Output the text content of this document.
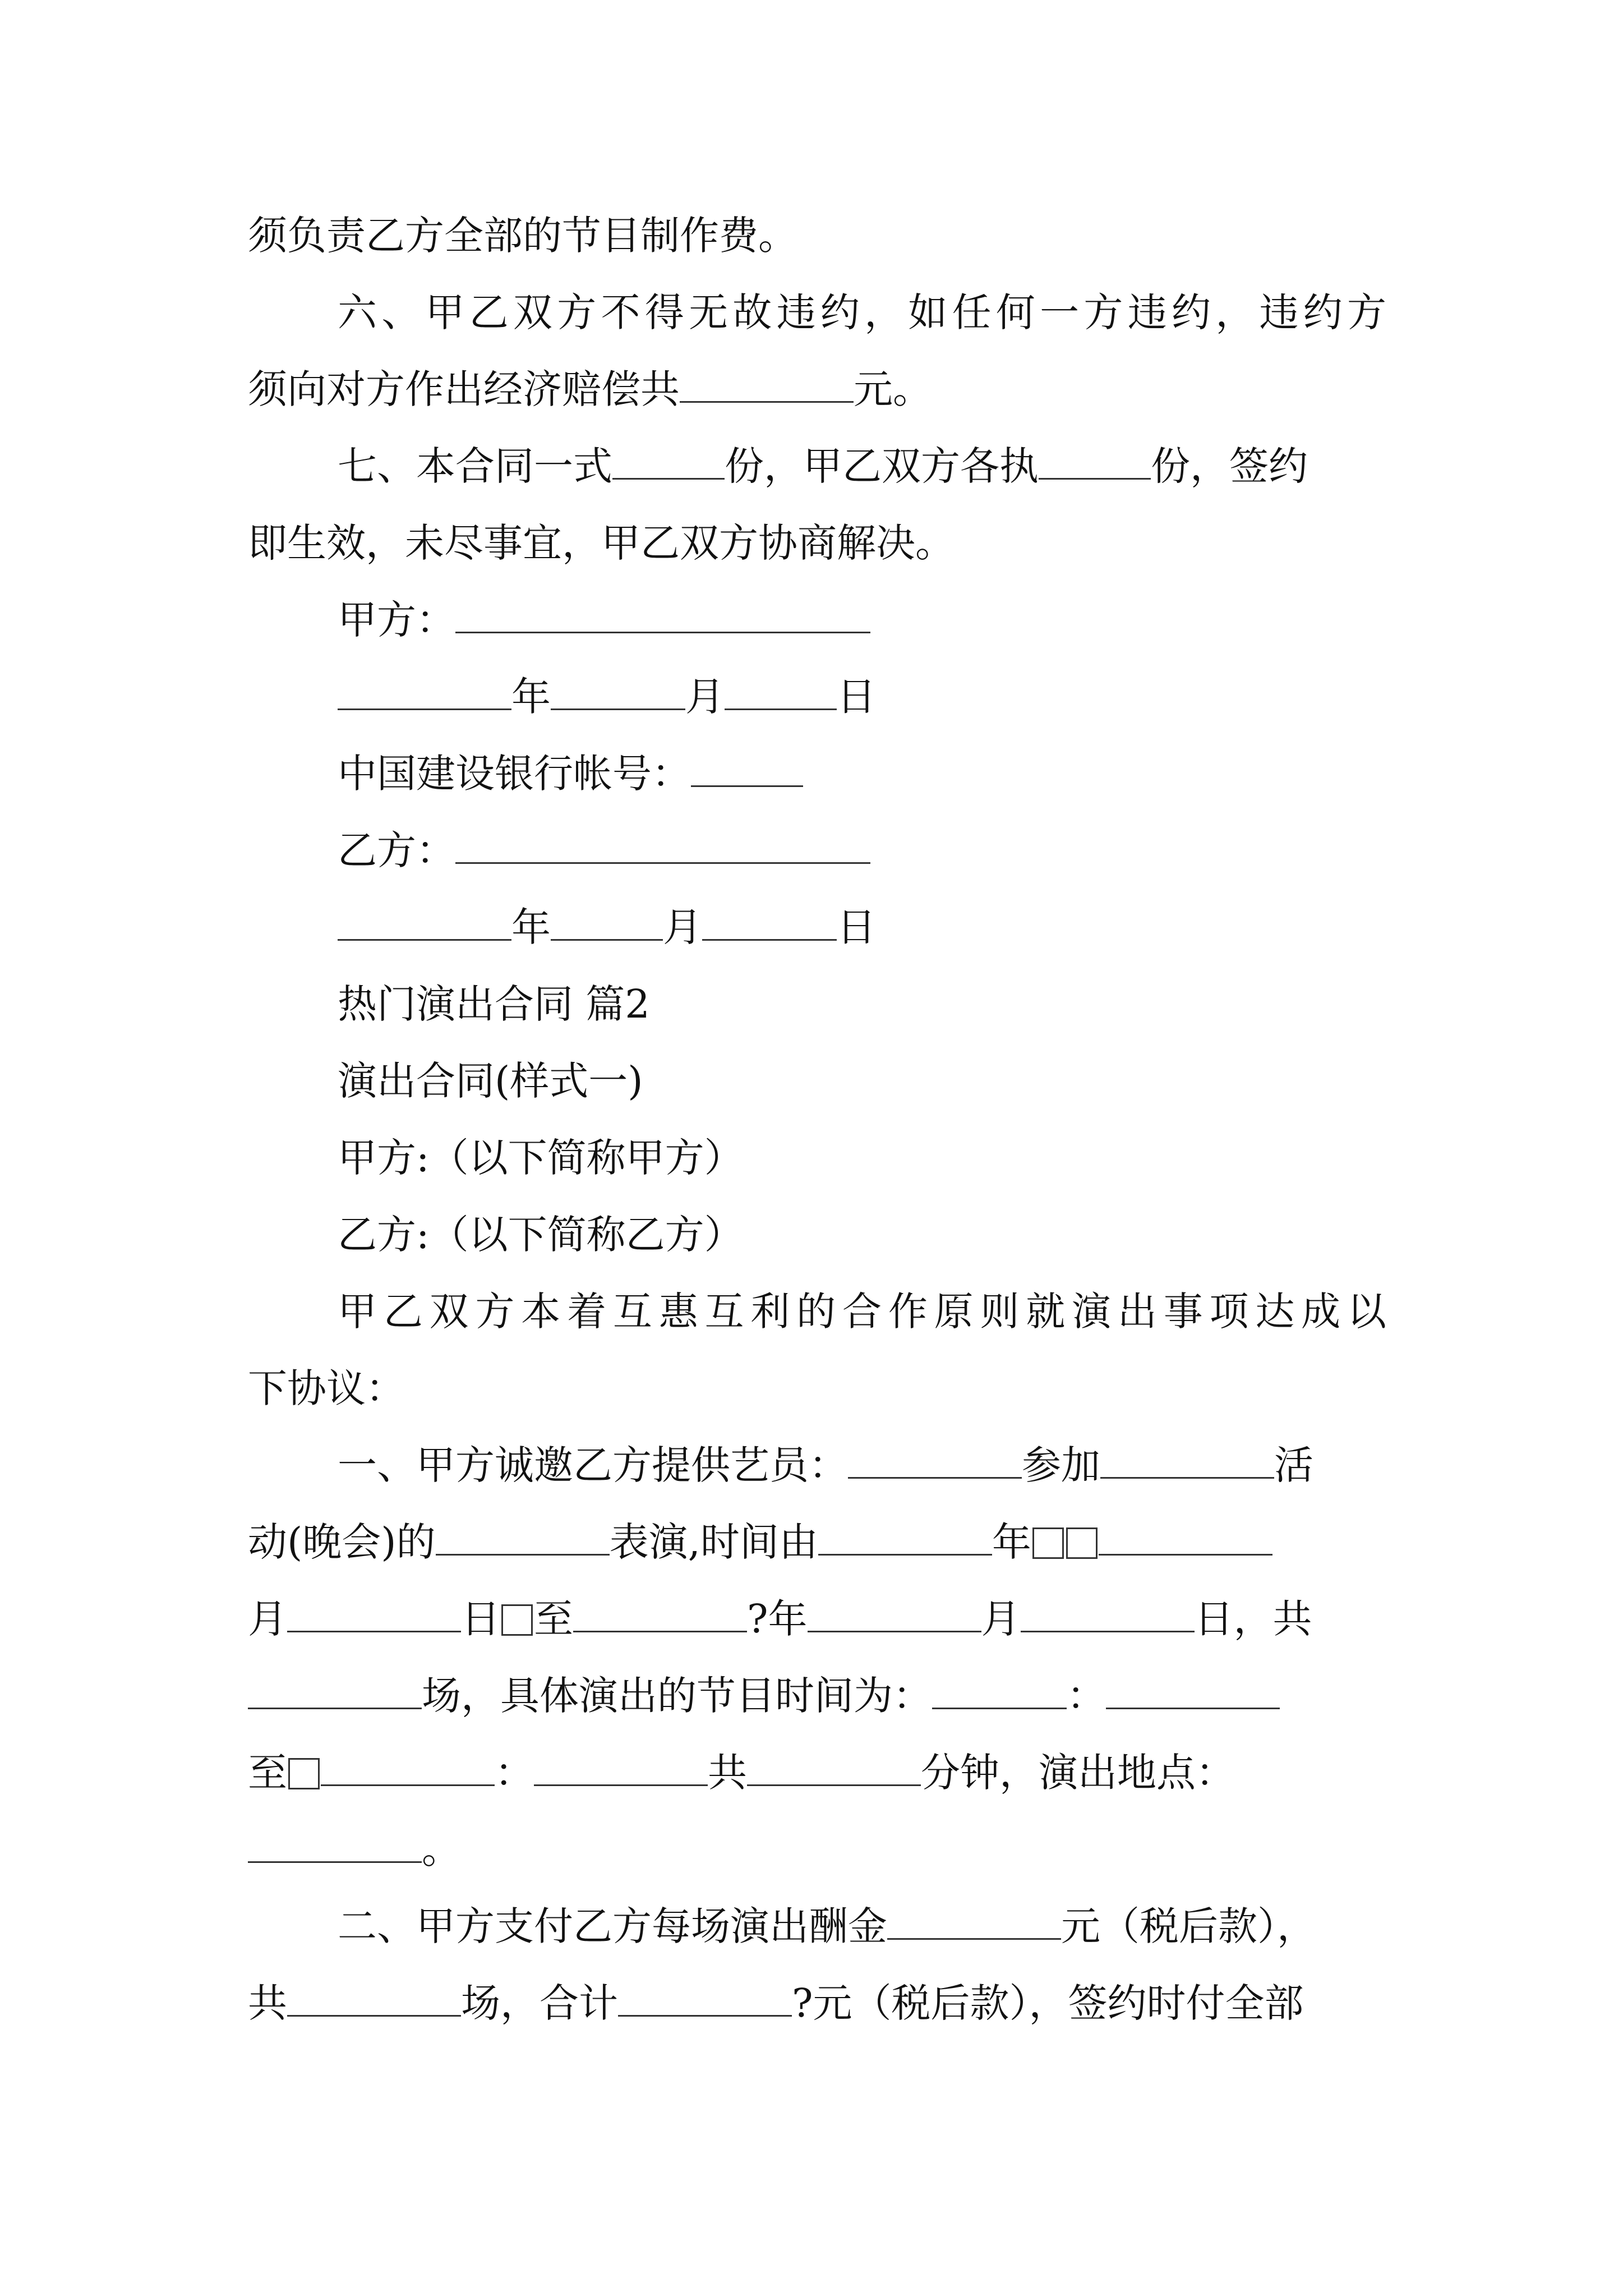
须负责乙方全部的节目制作费。
六、甲乙双方不得无故违约，如任何一方违约，违约方
须向对方作出经济赔偿共	元。
七、本合同一式	份，甲乙双方各执	份，签约
即生效，未尽事宜，甲乙双方协商解决。
甲方：
年	月	日
中国建设银行帐号：
乙方：
年	月	日
热门演出合同 篇2
演出合同(样式一)
甲方:（以下简称甲方）
乙方:（以下简称乙方）
甲乙双方本着互惠互利的合作原则就演出事项达成以
下协议：
一、甲方诚邀乙方提供艺员：	参加	活
动(晚会)的	表演,时间由	年
月	日 至	?年	月	日，共
场，具体演出的节目时间为：	：
至	：	共	分钟，演出地点：
。
二、甲方支付乙方每场演出酬金	元（税后款），
共	场，合计	?元（税后款），签约时付全部
